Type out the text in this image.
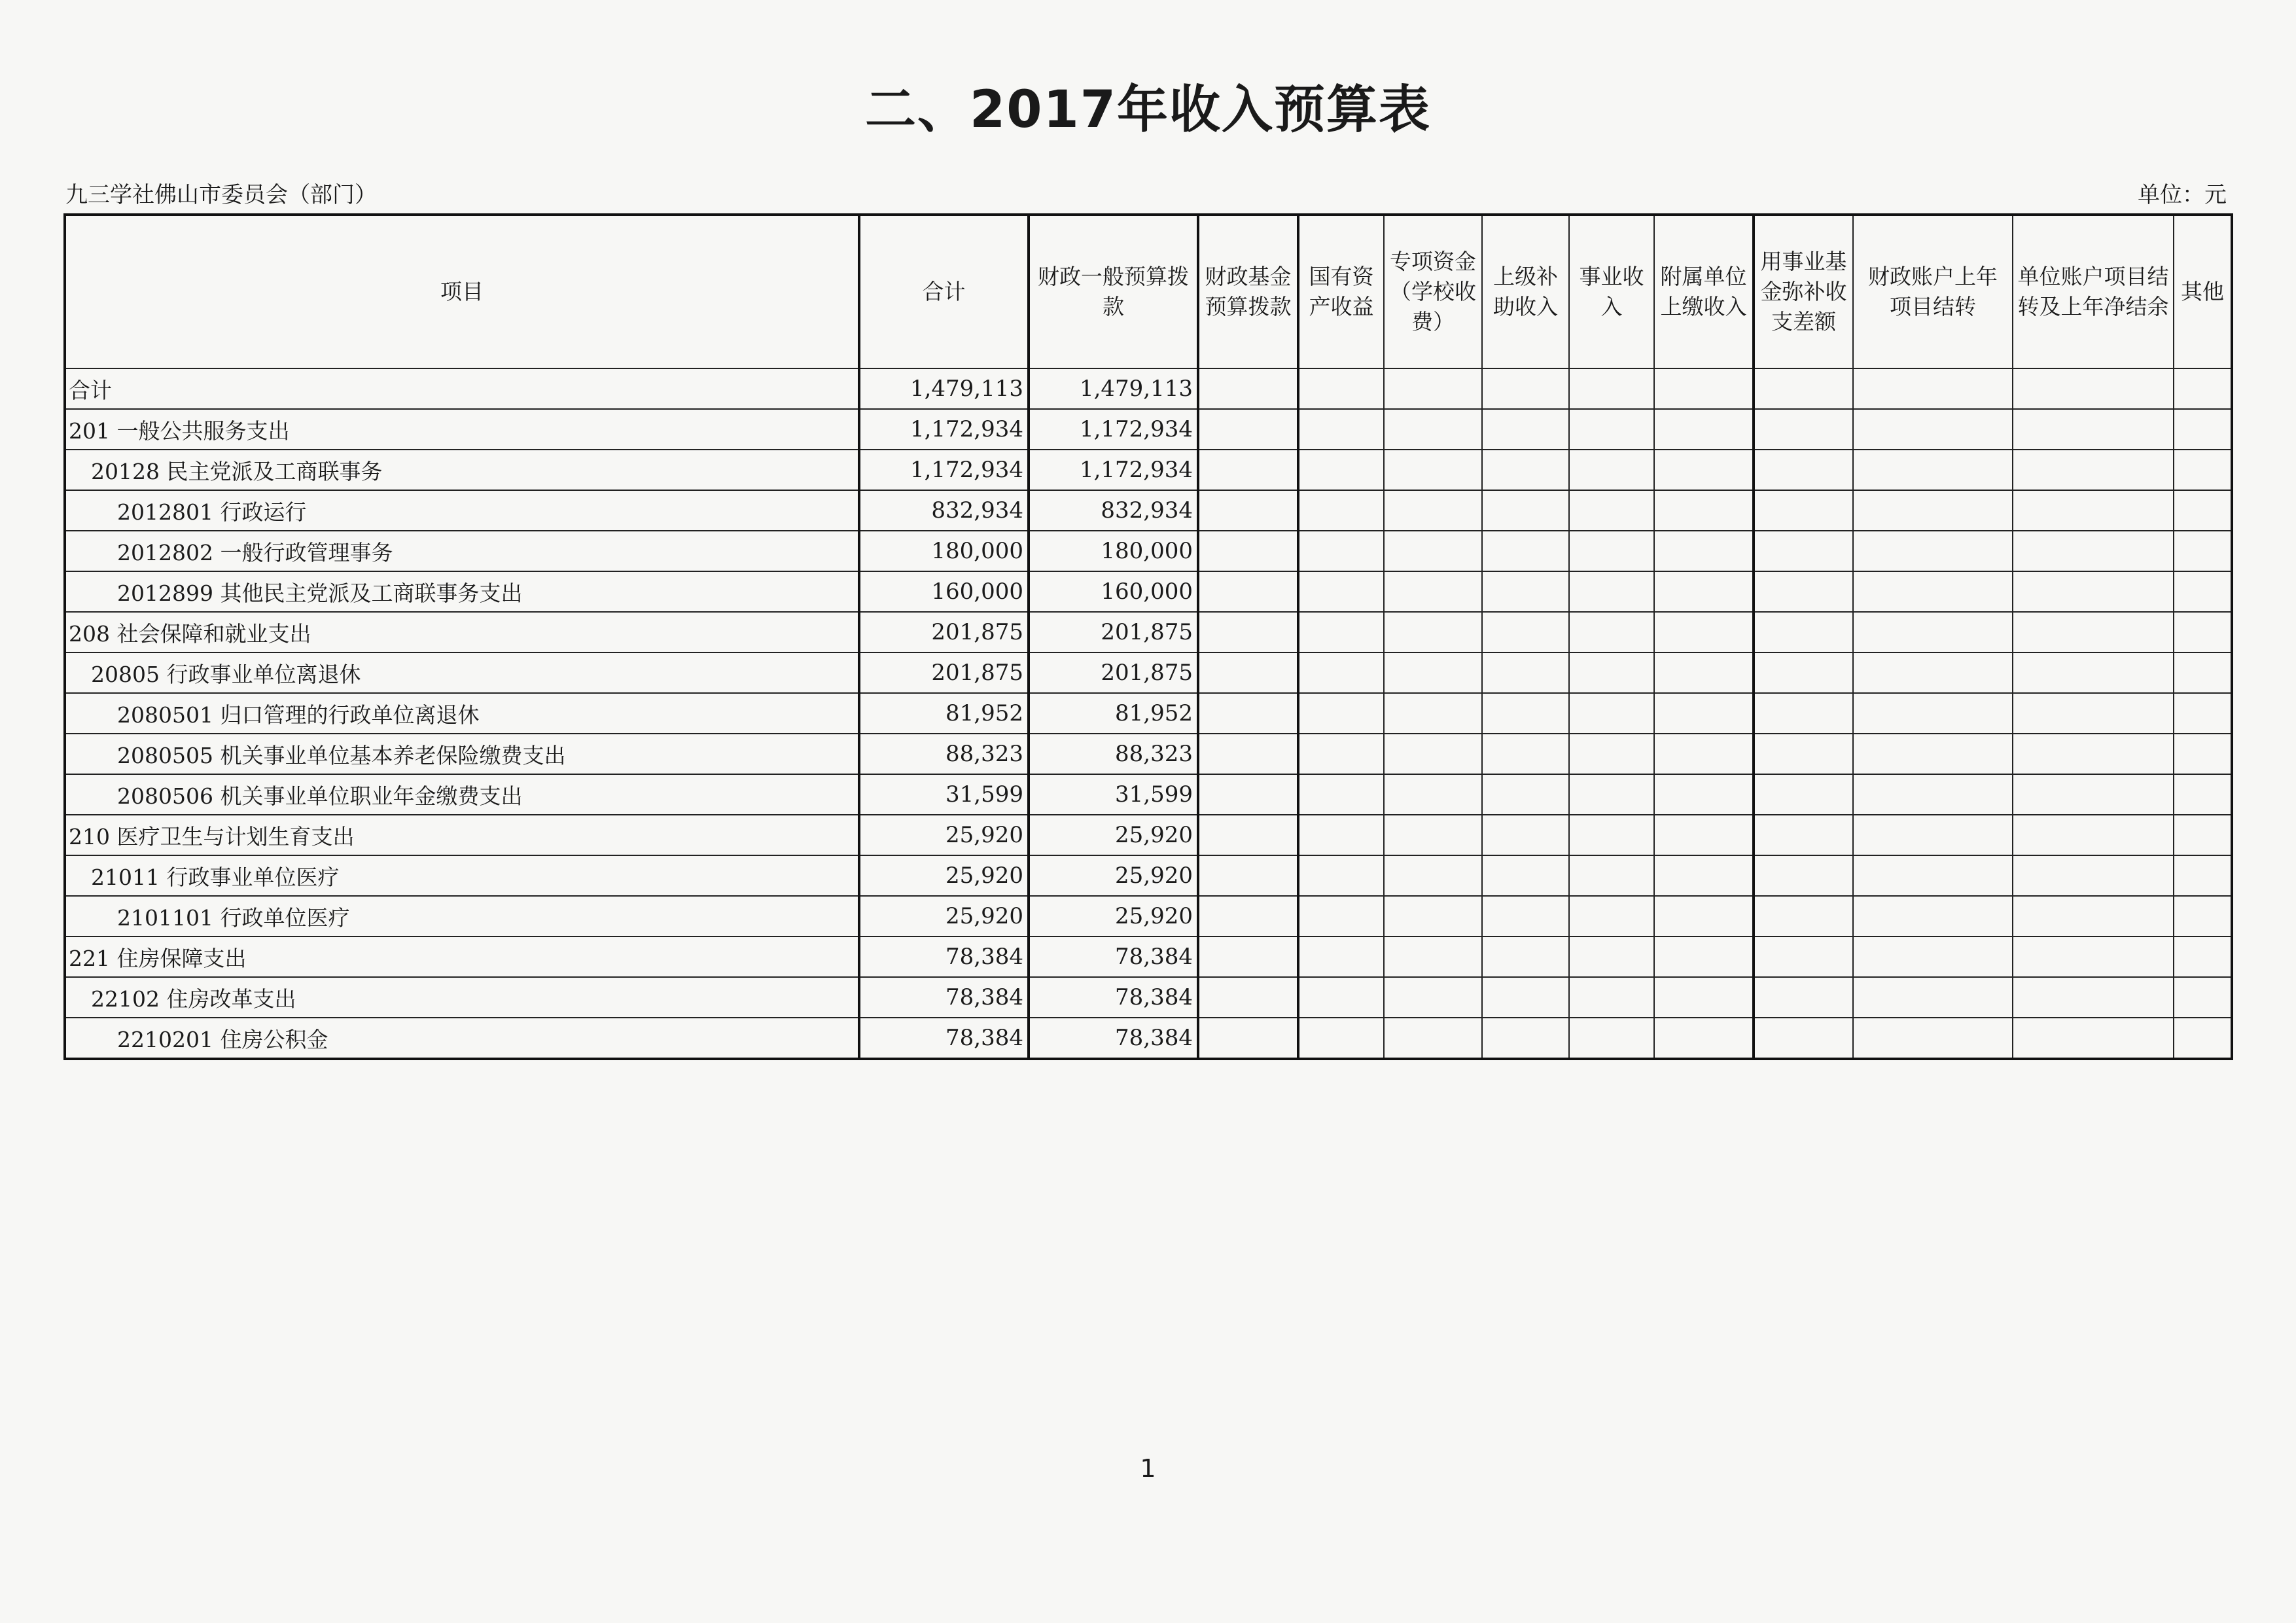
二、2017年收入预算表
九三学社佛山市委员会（部门）	单位：元
项目	合计	财政一般预算拨款	财政基金预算拨款	国有资产收益	专项资金（学校收费）	上级补助收入	事业收入	附属单位上缴收入	用事业基金弥补收支差额	财政账户上年项目结转	单位账户项目结转及上年净结余	其他
合计	1,479,113	1,479,113										
201 一般公共服务支出	1,172,934	1,172,934										
20128 民主党派及工商联事务	1,172,934	1,172,934										
2012801 行政运行	832,934	832,934										
2012802 一般行政管理事务	180,000	180,000										
2012899 其他民主党派及工商联事务支出	160,000	160,000										
208 社会保障和就业支出	201,875	201,875										
20805 行政事业单位离退休	201,875	201,875										
2080501 归口管理的行政单位离退休	81,952	81,952										
2080505 机关事业单位基本养老保险缴费支出	88,323	88,323										
2080506 机关事业单位职业年金缴费支出	31,599	31,599										
210 医疗卫生与计划生育支出	25,920	25,920										
21011 行政事业单位医疗	25,920	25,920										
2101101 行政单位医疗	25,920	25,920										
221 住房保障支出	78,384	78,384										
22102 住房改革支出	78,384	78,384										
2210201 住房公积金	78,384	78,384										
1
